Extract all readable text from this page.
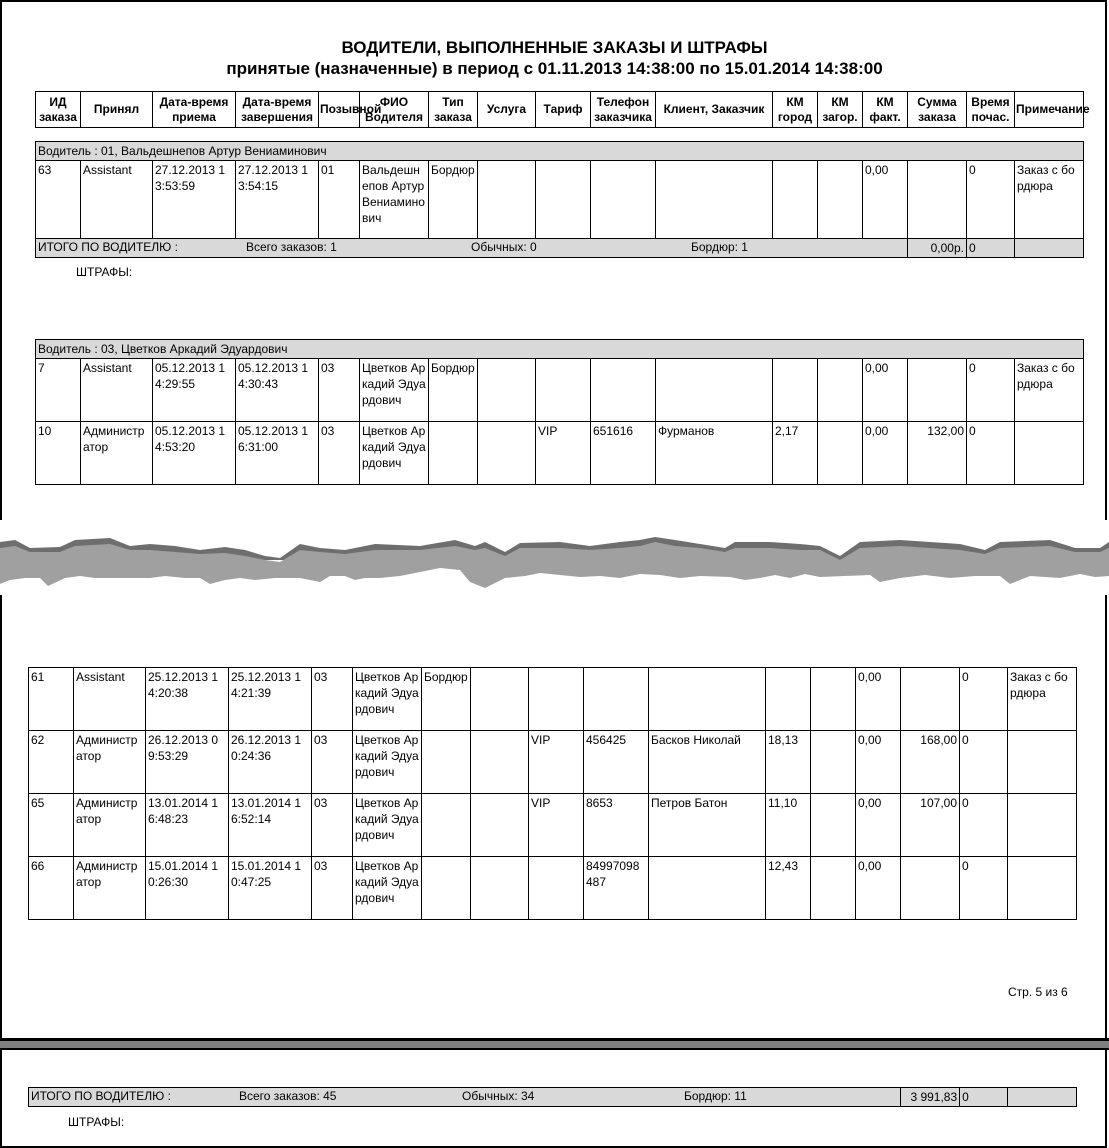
ВОДИТЕЛИ, ВЫПОЛНЕННЫЕ ЗАКАЗЫ И ШТРАФЫ
принятые (назначенные) в период с 01.11.2013 14:38:00 по 15.01.2014 14:38:00
ИД заказа	Принял	Дата-время приема	Дата-время завершения	Позывной	ФИО Водителя	Тип заказа	Услуга	Тариф	Телефон заказчика	Клиент, Заказчик	КМ город	КМ загор.	КМ факт.	Сумма заказа	Время почас.	Примечание
Водитель : 01, Вальдешнепов Артур Вениаминович																
63	Assistant	27.12.2013 13:53:59	27.12.2013 13:54:15	01	Вальдешнепов Артур Вениаминович	Бордюр							0,00		0	Заказ с бордюра

ИТОГО ПО ВОДИТЕЛЮ : Всего заказов: 1 Обычных: 0 Бордюр: 1														0,00р.	0	
ШТРАФЫ:
Водитель : 03, Цветков Аркадий Эдуардович																
7	Assistant	05.12.2013 14:29:55	05.12.2013 14:30:43	03	Цветков Аркадий Эдуардович	Бордюр							0,00		0	Заказ с бордюра
10	Администратор	05.12.2013 14:53:20	05.12.2013 16:31:00	03	Цветков Аркадий Эдуардович			VIP	651616	Фурманов	2,17		0,00	132,00	0	
61	Assistant	25.12.2013 14:20:38	25.12.2013 14:21:39	03	Цветков Аркадий Эдуардович	Бордюр							0,00		0	Заказ с бордюра
62	Администратор	26.12.2013 09:53:29	26.12.2013 10:24:36	03	Цветков Аркадий Эдуардович			VIP	456425	Басков Николай	18,13		0,00	168,00	0	
65	Администратор	13.01.2014 16:48:23	13.01.2014 16:52:14	03	Цветков Аркадий Эдуардович			VIP	8653	Петров Батон	11,10		0,00	107,00	0	
66	Администратор	15.01.2014 10:26:30	15.01.2014 10:47:25	03	Цветков Аркадий Эдуардович				84997098487		12,43		0,00		0	
Стр. 5 из 6
ИТОГО ПО ВОДИТЕЛЮ :	Всего заказов: 45	Обычных: 34	Бордюр: 11	3 991,83	0	
ШТРАФЫ:
